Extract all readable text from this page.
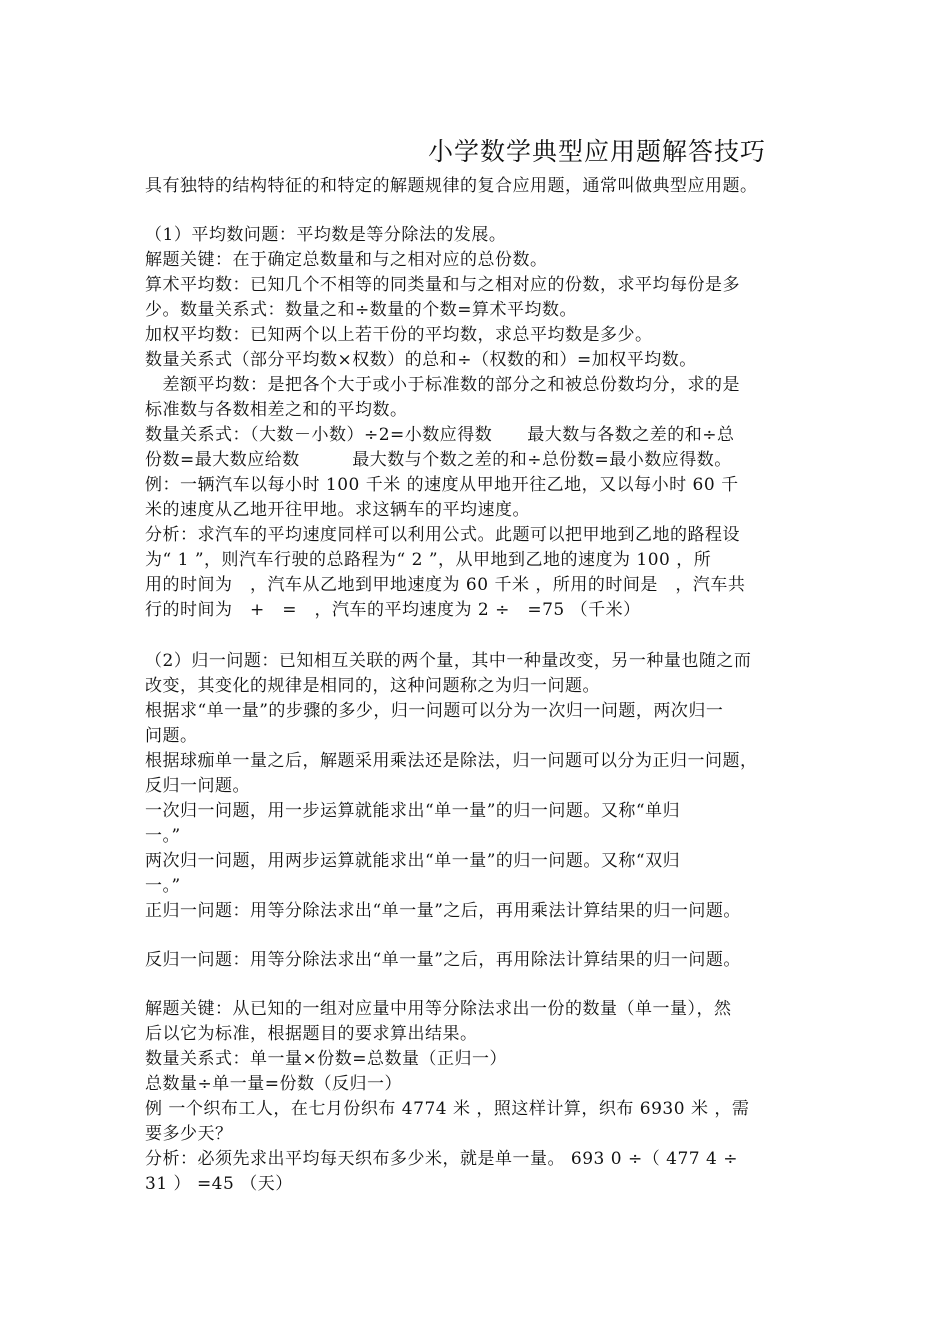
小学数学典型应用题解答技巧
具有独特的结构特征的和特定的解题规律的复合应用题，通常叫做典型应用题。
（1）平均数问题：平均数是等分除法的发展。
解题关键：在于确定总数量和与之相对应的总份数。
算术平均数：已知几个不相等的同类量和与之相对应的份数，求平均每份是多
少。数量关系式：数量之和÷数量的个数=算术平均数。
加权平均数：已知两个以上若干份的平均数，求总平均数是多少。
数量关系式（部分平均数×权数）的总和÷（权数的和）=加权平均数。
　差额平均数：是把各个大于或小于标准数的部分之和被总份数均分，求的是
标准数与各数相差之和的平均数。
数量关系式：（大数－小数）÷2=小数应得数　　最大数与各数之差的和÷总
份数=最大数应给数　　　最大数与个数之差的和÷总份数=最小数应得数。
例：一辆汽车以每小时 100 千米 的速度从甲地开往乙地，又以每小时 60 千
米的速度从乙地开往甲地。求这辆车的平均速度。
分析：求汽车的平均速度同样可以利用公式。此题可以把甲地到乙地的路程设
为“ 1 ”，则汽车行驶的总路程为“ 2 ”，从甲地到乙地的速度为 100 ，所
用的时间为　，汽车从乙地到甲地速度为 60 千米 ，所用的时间是　，汽车共
行的时间为　+　=　，汽车的平均速度为 2 ÷　=75 （千米）
（2）归一问题：已知相互关联的两个量，其中一种量改变，另一种量也随之而
改变，其变化的规律是相同的，这种问题称之为归一问题。
根据求“单一量”的步骤的多少，归一问题可以分为一次归一问题，两次归一
问题。
根据球痂单一量之后，解题采用乘法还是除法，归一问题可以分为正归一问题，
反归一问题。
一次归一问题，用一步运算就能求出“单一量”的归一问题。又称“单归
一。”
两次归一问题，用两步运算就能求出“单一量”的归一问题。又称“双归
一。”
正归一问题：用等分除法求出“单一量”之后，再用乘法计算结果的归一问题。
反归一问题：用等分除法求出“单一量”之后，再用除法计算结果的归一问题。
解题关键：从已知的一组对应量中用等分除法求出一份的数量（单一量），然
后以它为标准，根据题目的要求算出结果。
数量关系式：单一量×份数=总数量（正归一）
总数量÷单一量=份数（反归一）
例 一个织布工人，在七月份织布 4774 米 ，照这样计算，织布 6930 米 ，需
要多少天？
分析：必须先求出平均每天织布多少米，就是单一量。 693 0 ÷（ 477 4 ÷
31 ） =45 （天）
